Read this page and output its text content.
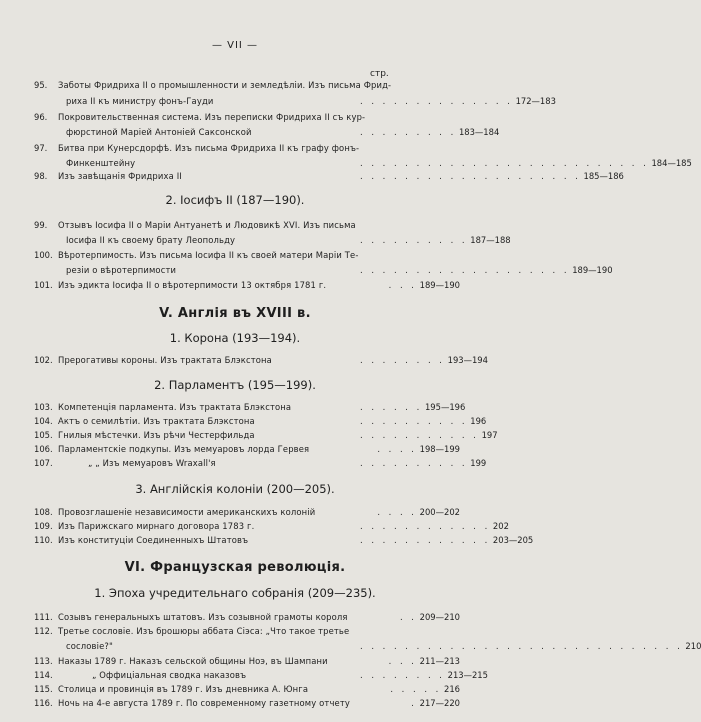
— VII —
стр.
95. Заботы Фридриха II о промышленности и земледѣліи. Изъ письма Фрид-
риха II къ министру фонъ-Гауди	. . . . . . . . . . . . . . 172—183
96. Покровительственная система. Изъ переписки Фридриха II съ кур-
фюрстиной Маріей Антоніей Саксонской	. . . . . . . . . 183—184
97. Битва при Кунерсдорфѣ. Изъ письма Фридриха II къ графу фонъ-
Финкенштейну	. . . . . . . . . . . . . . . . . . . . . . . . . . 184—185
98. Изъ завѣщанія Фридриха II	. . . . . . . . . . . . . . . . . . . . 185—186
2. Іосифъ II (187—190).
99. Отзывъ Іосифа II о Маріи Антуанетѣ и Людовикѣ XVI. Изъ письма
Іосифа II къ своему брату Леопольду	. . . . . . . . . . 187—188
100. Вѣротерпимость. Изъ письма Іосифа II къ своей матери Маріи Те-
резіи о вѣротерпимости	. . . . . . . . . . . . . . . . . . . 189—190
101. Изъ эдикта Іосифа II о вѣротерпимости 13 октября 1781 г.	. . . 189—190
V. Англія въ XVIII в.
1. Корона (193—194).
102. Прерогативы короны. Изъ трактата Блэкстона	. . . . . . . . 193—194
2. Парламентъ (195—199).
103. Компетенція парламента. Изъ трактата Блэкстона	. . . . . . 195—196
104. Актъ о семилѣтіи. Изъ трактата Блэкстона	. . . . . . . . . . 196
105. Гнилыя мѣстечки. Изъ рѣчи Честерфильда	. . . . . . . . . . . 197
106. Парламентскіе подкупы. Изъ мемуаровъ лорда Гервея	. . . . 198—199
107.	„ „ Изъ мемуаровъ Wraxall'я	. . . . . . . . . . 199
3. Англійскія колоніи (200—205).
108. Провозглашеніе независимости американскихъ колоній	. . . . 200—202
109. Изъ Парижскаго мирнаго договора 1783 г.	. . . . . . . . . . . . 202
110. Изъ конституціи Соединенныхъ Штатовъ	. . . . . . . . . . . . 203—205
VI. Французская революція.
1. Эпоха учредительнаго собранія (209—235).
111. Созывъ генеральныхъ штатовъ. Изъ созывной грамоты короля	. . 209—210
112. Третье сословіе. Изъ брошюры аббата Сіэса: „Что такое третье
сословіе?"	. . . . . . . . . . . . . . . . . . . . . . . . . . . . . 210
113. Наказы 1789 г. Наказъ сельской общины Ноэ, въ Шампани	. . . 211—213
114.	„ Оффиціальная сводка наказовъ	. . . . . . . . 213—215
115. Столица и провинція въ 1789 г. Изъ дневника А. Юнга	. . . . . 216
116. Ночь на 4-е августа 1789 г. По современному газетному отчету	. 217—220
